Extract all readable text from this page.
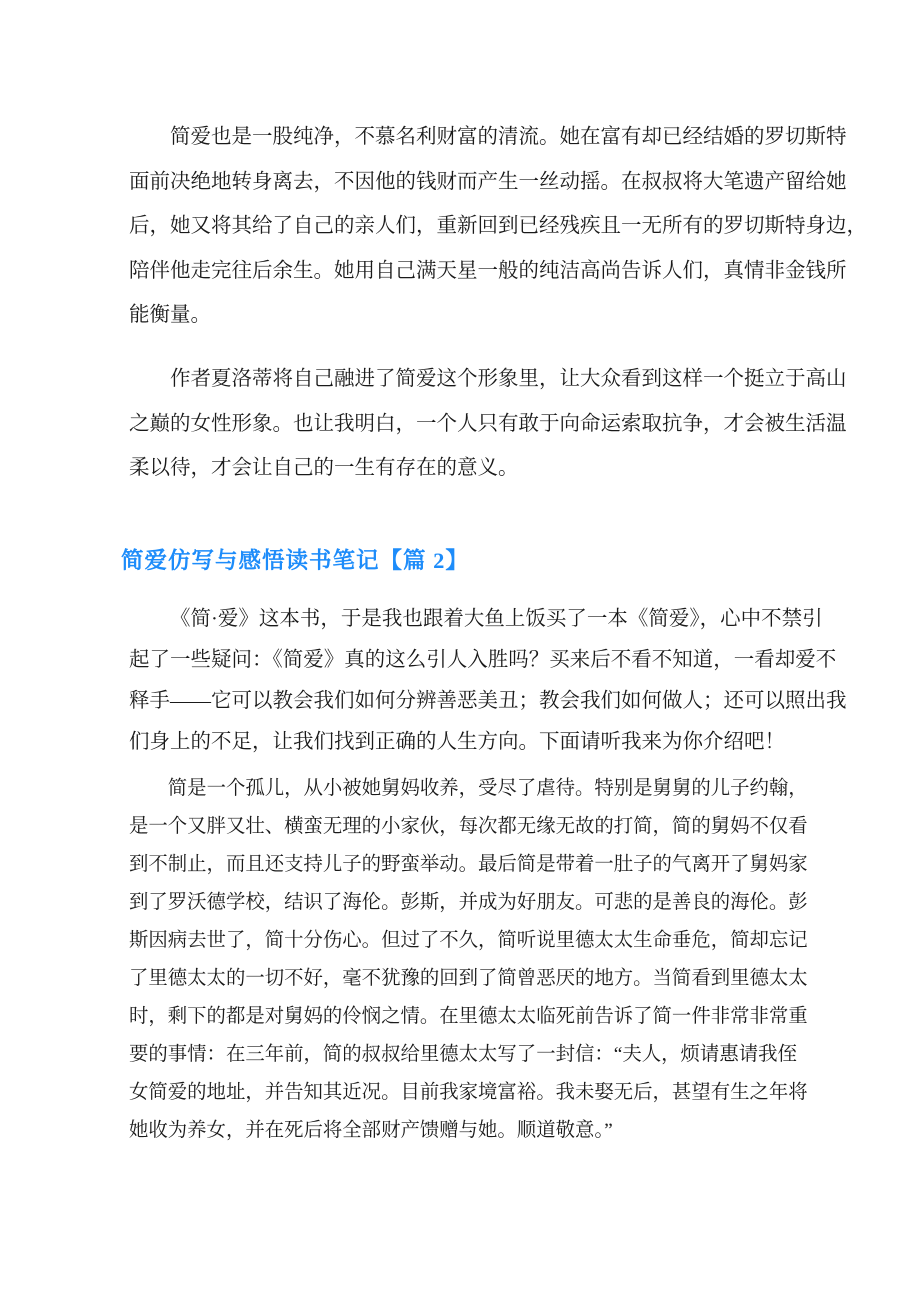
简爱也是一股纯净，不慕名利财富的清流。她在富有却已经结婚的罗切斯特
面前决绝地转身离去，不因他的钱财而产生一丝动摇。在叔叔将大笔遗产留给她
后，她又将其给了自己的亲人们，重新回到已经残疾且一无所有的罗切斯特身边，
陪伴他走完往后余生。她用自己满天星一般的纯洁高尚告诉人们，真情非金钱所
能衡量。
作者夏洛蒂将自己融进了简爱这个形象里，让大众看到这样一个挺立于高山
之巅的女性形象。也让我明白，一个人只有敢于向命运索取抗争，才会被生活温
柔以待，才会让自己的一生有存在的意义。
简爱仿写与感悟读书笔记【篇 2】
《简·爱》这本书，于是我也跟着大鱼上饭买了一本《简爱》，心中不禁引
起了一些疑问：《简爱》真的这么引人入胜吗？买来后不看不知道，一看却爱不
释手——它可以教会我们如何分辨善恶美丑；教会我们如何做人；还可以照出我
们身上的不足，让我们找到正确的人生方向。下面请听我来为你介绍吧！
简是一个孤儿，从小被她舅妈收养，受尽了虐待。特别是舅舅的儿子约翰，
是一个又胖又壮、横蛮无理的小家伙，每次都无缘无故的打简，简的舅妈不仅看
到不制止，而且还支持儿子的野蛮举动。最后简是带着一肚子的气离开了舅妈家
到了罗沃德学校，结识了海伦。彭斯，并成为好朋友。可悲的是善良的海伦。彭
斯因病去世了，简十分伤心。但过了不久，简听说里德太太生命垂危，简却忘记
了里德太太的一切不好，毫不犹豫的回到了简曾恶厌的地方。当简看到里德太太
时，剩下的都是对舅妈的伶悯之情。在里德太太临死前告诉了简一件非常非常重
要的事情：在三年前，简的叔叔给里德太太写了一封信：“夫人，烦请惠请我侄
女简爱的地址，并告知其近况。目前我家境富裕。我未娶无后，甚望有生之年将
她收为养女，并在死后将全部财产馈赠与她。顺道敬意。”
